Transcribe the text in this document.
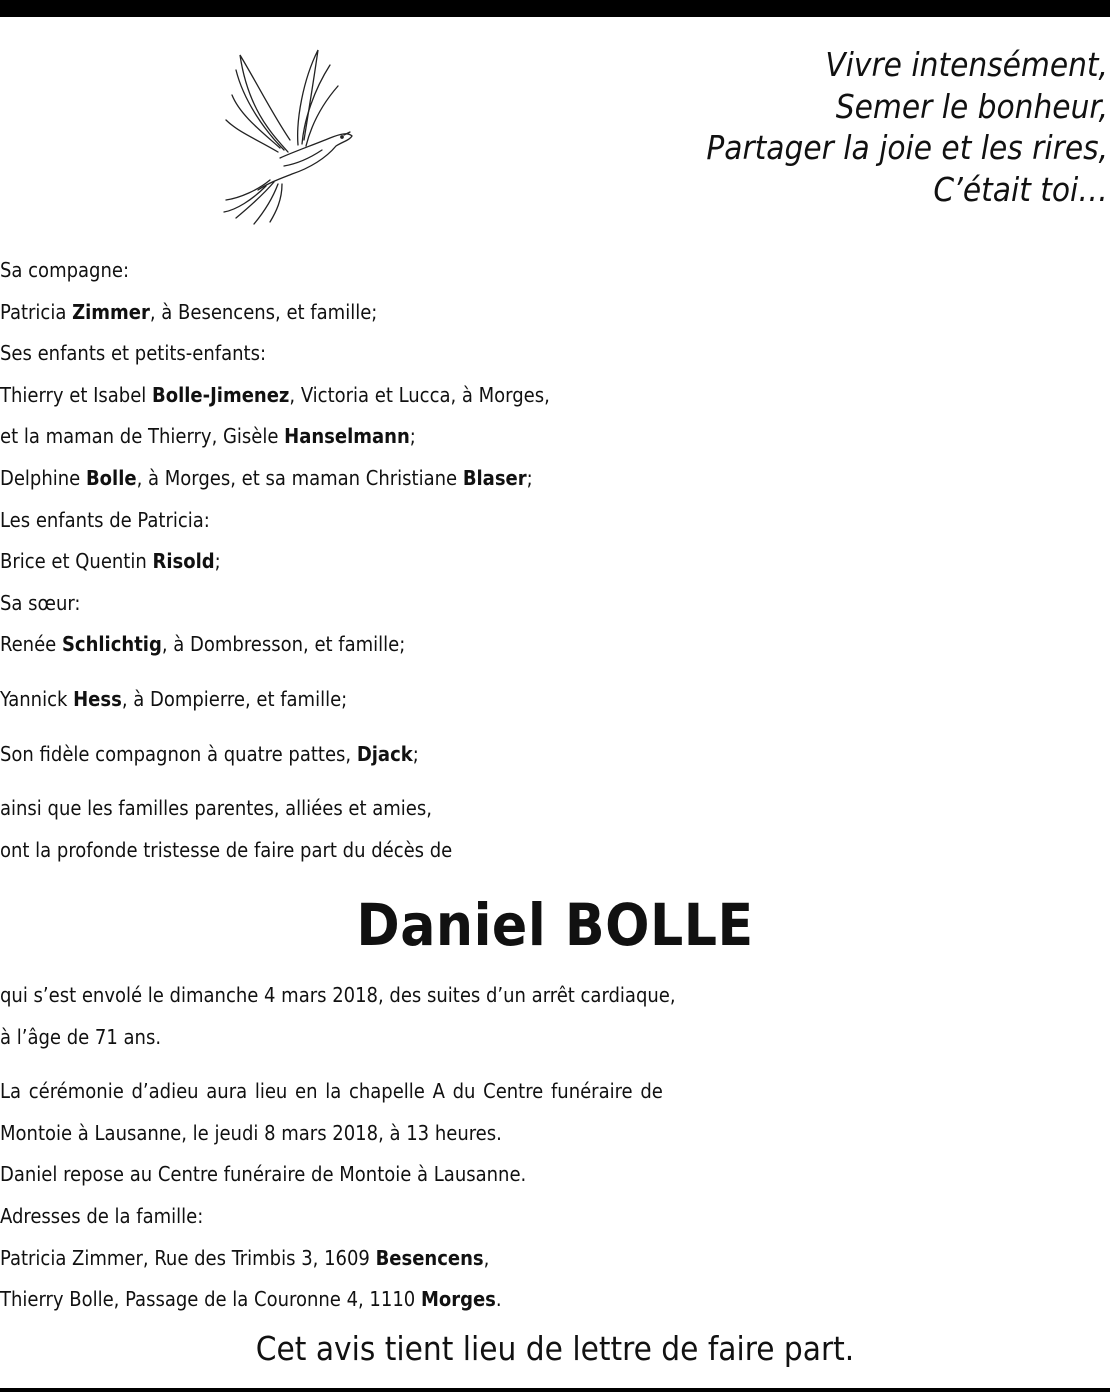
Vivre intensément,
Semer le bonheur,
Partager la joie et les rires,
C’était toi…
Sa compagne:
Patricia Zimmer, à Besencens, et famille;
Ses enfants et petits-enfants:
Thierry et Isabel Bolle-Jimenez, Victoria et Lucca, à Morges,
et la maman de Thierry, Gisèle Hanselmann;
Delphine Bolle, à Morges, et sa maman Christiane Blaser;
Les enfants de Patricia:
Brice et Quentin Risold;
Sa sœur:
Renée Schlichtig, à Dombresson, et famille;
Yannick Hess, à Dompierre, et famille;
Son fidèle compagnon à quatre pattes, Djack;
ainsi que les familles parentes, alliées et amies,
ont la profonde tristesse de faire part du décès de
Daniel BOLLE
qui s’est envolé le dimanche 4 mars 2018, des suites d’un arrêt cardiaque,
à l’âge de 71 ans.
La cérémonie d’adieu aura lieu en la chapelle A du Centre funéraire de
Montoie à Lausanne, le jeudi 8 mars 2018, à 13 heures.
Daniel repose au Centre funéraire de Montoie à Lausanne.
Adresses de la famille:
Patricia Zimmer, Rue des Trimbis 3, 1609 Besencens,
Thierry Bolle, Passage de la Couronne 4, 1110 Morges.
Cet avis tient lieu de lettre de faire part.
